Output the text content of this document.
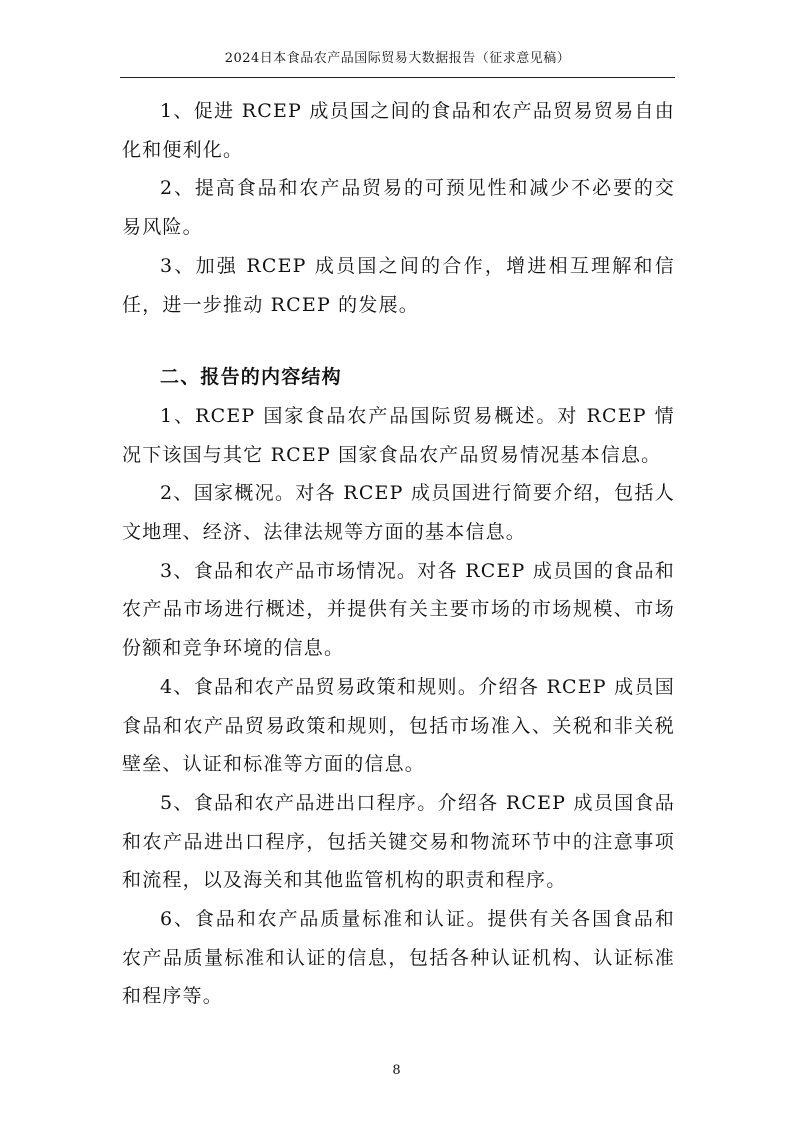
2024日本食品农产品国际贸易大数据报告（征求意见稿）

1、促进 RCEP 成员国之间的食品和农产品贸易贸易自由化和便利化。

2、提高食品和农产品贸易的可预见性和减少不必要的交易风险。

3、加强 RCEP 成员国之间的合作，增进相互理解和信任，进一步推动 RCEP 的发展。

二、报告的内容结构

1、RCEP 国家食品农产品国际贸易概述。对 RCEP 情况下该国与其它 RCEP 国家食品农产品贸易情况基本信息。

2、国家概况。对各 RCEP 成员国进行简要介绍，包括人文地理、经济、法律法规等方面的基本信息。

3、食品和农产品市场情况。对各 RCEP 成员国的食品和农产品市场进行概述，并提供有关主要市场的市场规模、市场份额和竞争环境的信息。

4、食品和农产品贸易政策和规则。介绍各 RCEP 成员国食品和农产品贸易政策和规则，包括市场准入、关税和非关税壁垒、认证和标准等方面的信息。

5、食品和农产品进出口程序。介绍各 RCEP 成员国食品和农产品进出口程序，包括关键交易和物流环节中的注意事项和流程，以及海关和其他监管机构的职责和程序。

6、食品和农产品质量标准和认证。提供有关各国食品和农产品质量标准和认证的信息，包括各种认证机构、认证标准和程序等。

8
